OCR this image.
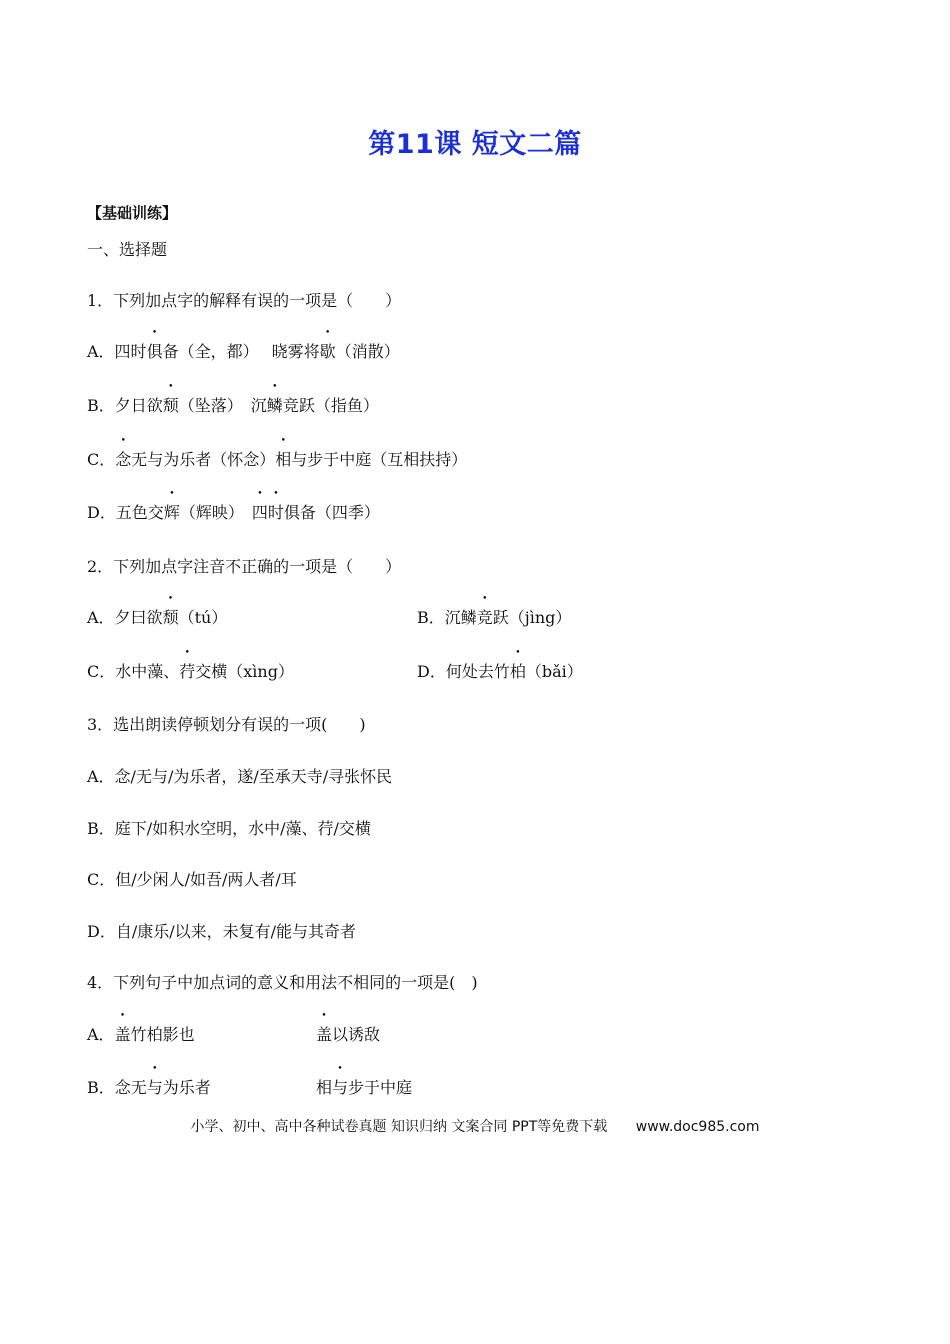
第11课 短文二篇
【基础训练】
一、选择题
1．下列加点字的解释有误的一项是（　　）
A．四时俱备（全，都）　 晓雾将歇（消散）
B．夕日欲颓（坠落）　沉鳞竞跃（指鱼）
C．念无与为乐者（怀念）相与步于中庭（互相扶持）
D．五色交辉（辉映）　四时俱备（四季）
2．下列加点字注音不正确的一项是（　　）
A．夕曰欲颓（tú）	B．沉鳞竞跃（jìng）
C．水中藻、荇交横（xìng）	D．何处去竹柏（bǎi）
3．选出朗读停顿划分有误的一项(　　)
A．念/无与/为乐者，遂/至承天寺/寻张怀民
B．庭下/如积水空明，水中/藻、荇/交横
C．但/少闲人/如吾/两人者/耳
D．自/康乐/以来，未复有/能与其奇者
4．下列句子中加点词的意义和用法不相同的一项是(　)
A．盖竹柏影也	盖以诱敌
B．念无与为乐者	相与步于中庭
小学、初中、高中各种试卷真题 知识归纳 文案合同 PPT等免费下载 www.doc985.com
